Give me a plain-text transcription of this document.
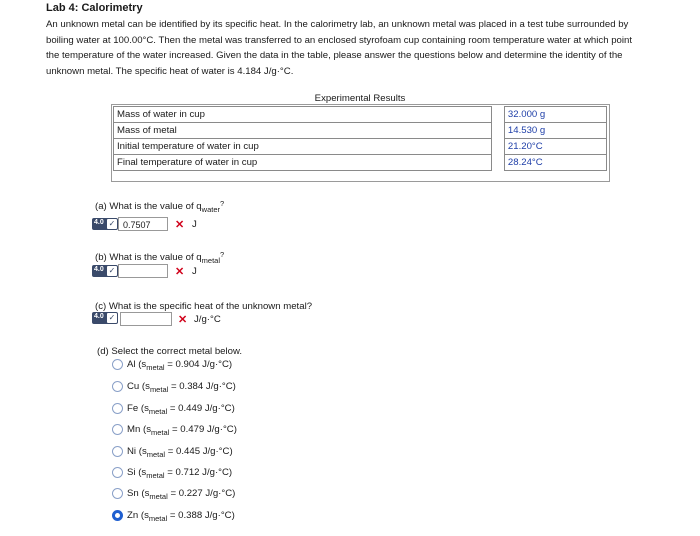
Lab 4: Calorimetry
An unknown metal can be identified by its specific heat. In the calorimetry lab, an unknown metal was placed in a test tube surrounded by boiling water at 100.00°C. Then the metal was transferred to an enclosed styrofoam cup containing room temperature water at which point the temperature of the water increased. Given the data in the table, please answer the questions below and determine the identity of the unknown metal. The specific heat of water is 4.184 J/g·°C.
Experimental Results
Mass of water in cup		32.000 g
Mass of metal		14.530 g
Initial temperature of water in cup		21.20°C
Final temperature of water in cup		28.24°C
(a) What is the value of $q_{water}^?$
4.0 ✓ 0.7507	✕ J
(b) What is the value of $q_{metal}^?$
4.0 ✓	✕ J
(c) What is the specific heat of the unknown metal?
4.0 ✓	✕ J/g·°C
(d) Select the correct metal below.
Al ($s_{metal} = 0.904$ J/g·°C)
Cu ($s_{metal} = 0.384$ J/g·°C)
Fe ($s_{metal} = 0.449$ J/g·°C)
Mn ($s_{metal} = 0.479$ J/g·°C)
Ni ($s_{metal} = 0.445$ J/g·°C)
Si ($s_{metal} = 0.712$ J/g·°C)
Sn ($s_{metal} = 0.227$ J/g·°C)
Zn ($s_{metal} = 0.388$ J/g·°C)
